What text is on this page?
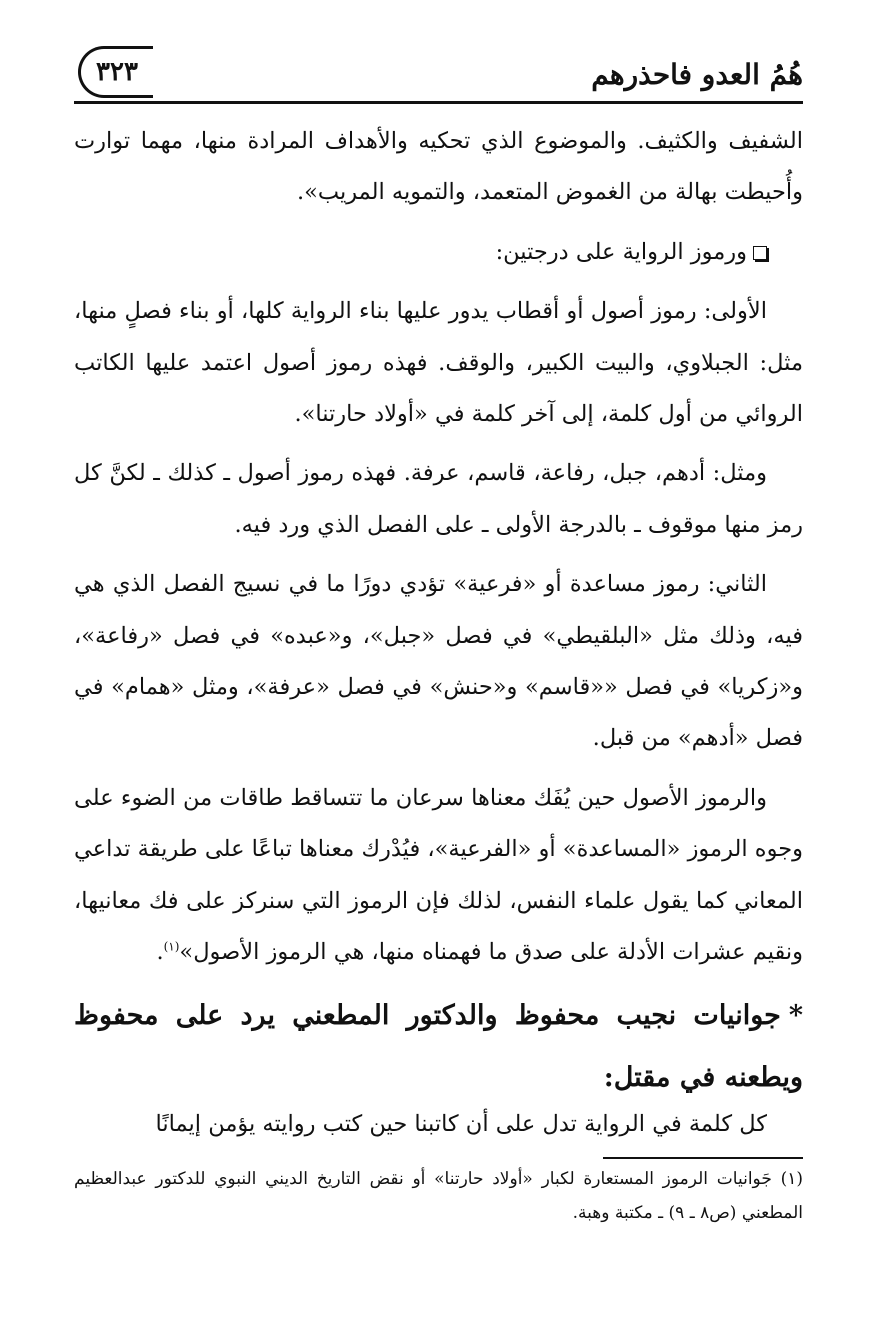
هُمُ العدو فاحذرهم
٣٢٣

الشفيف والكثيف. والموضوع الذي تحكيه والأهداف المرادة منها، مهما توارت وأُحيطت بهالة من الغموض المتعمد، والتمويه المريب».

ورموز الرواية على درجتين:

الأولى: رموز أصول أو أقطاب يدور عليها بناء الرواية كلها، أو بناء فصلٍ منها، مثل: الجبلاوي، والبيت الكبير، والوقف. فهذه رموز أصول اعتمد عليها الكاتب الروائي من أول كلمة، إلى آخر كلمة في «أولاد حارتنا».

ومثل: أدهم، جبل، رفاعة، قاسم، عرفة. فهذه رموز أصول ـ كذلك ـ لكنَّ كل رمز منها موقوف ـ بالدرجة الأولى ـ على الفصل الذي ورد فيه.

الثاني: رموز مساعدة أو «فرعية» تؤدي دورًا ما في نسيج الفصل الذي هي فيه، وذلك مثل «البلقيطي» في فصل «جبل»، و«عبده» في فصل «رفاعة»، و«زكريا» في فصل ««قاسم» و«حنش» في فصل «عرفة»، ومثل «همام» في فصل «أدهم» من قبل.

والرموز الأصول حين يُفَك معناها سرعان ما تتساقط طاقات من الضوء على وجوه الرموز «المساعدة» أو «الفرعية»، فيُدْرك معناها تباعًا على طريقة تداعي المعاني كما يقول علماء النفس، لذلك فإن الرموز التي سنركز على فك معانيها، ونقيم عشرات الأدلة على صدق ما فهمناه منها، هي الرموز الأصول»$^{(١)}$.

*جوانيات نجيب محفوظ والدكتور المطعني يرد على محفوظ ويطعنه في مقتل:
كل كلمة في الرواية تدل على أن كاتبنا حين كتب روايته يؤمن إيمانًا

(١) جَوانيات الرموز المستعارة لكبار «أولاد حارتنا» أو نقض التاريخ الديني النبوي للدكتور عبدالعظيم المطعني (ص٨ ـ ٩) ـ مكتبة وهبة.
